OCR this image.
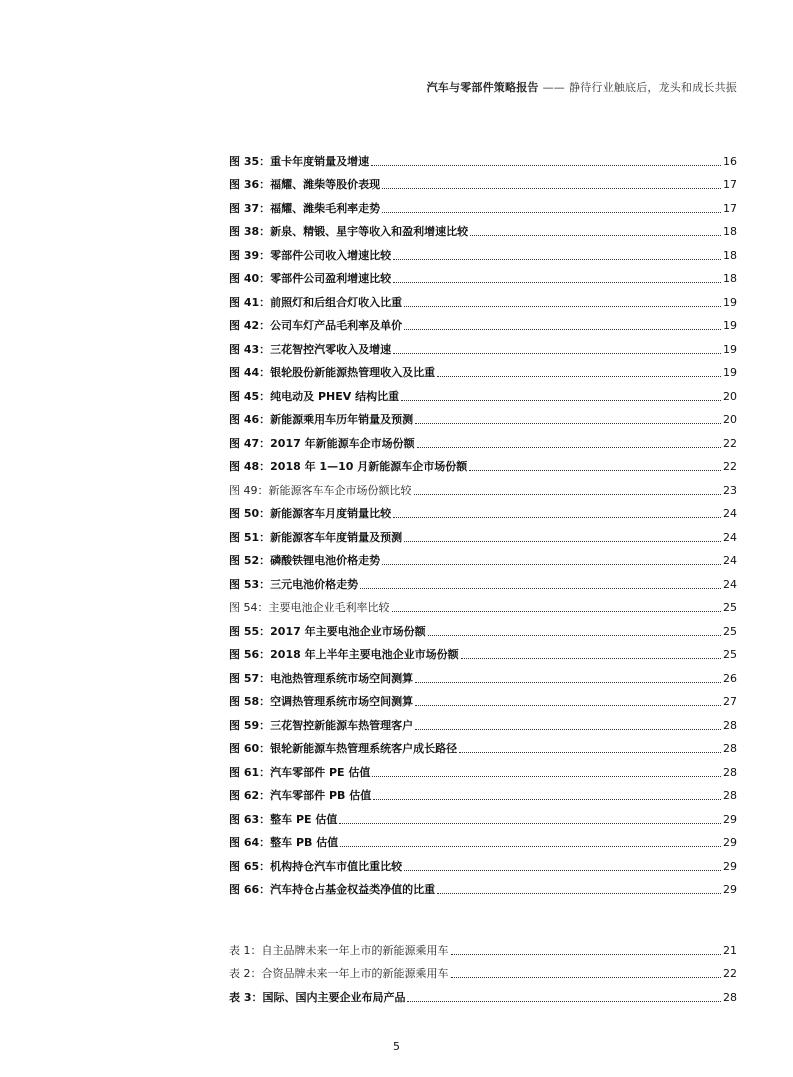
汽车与零部件策略报告 —— 静待行业触底后，龙头和成长共振
图 35：重卡年度销量及增速	16
图 36：福耀、潍柴等股价表现	17
图 37：福耀、潍柴毛利率走势	17
图 38：新泉、精锻、星宇等收入和盈利增速比较	18
图 39：零部件公司收入增速比较	18
图 40：零部件公司盈利增速比较	18
图 41：前照灯和后组合灯收入比重	19
图 42：公司车灯产品毛利率及单价	19
图 43：三花智控汽零收入及增速	19
图 44：银轮股份新能源热管理收入及比重	19
图 45：纯电动及 PHEV 结构比重	20
图 46：新能源乘用车历年销量及预测	20
图 47：2017 年新能源车企市场份额	22
图 48：2018 年 1—10 月新能源车企市场份额	22
图 49：新能源客车车企市场份额比较	23
图 50：新能源客车月度销量比较	24
图 51：新能源客车年度销量及预测	24
图 52：磷酸铁锂电池价格走势	24
图 53：三元电池价格走势	24
图 54：主要电池企业毛利率比较	25
图 55：2017 年主要电池企业市场份额	25
图 56：2018 年上半年主要电池企业市场份额	25
图 57：电池热管理系统市场空间测算	26
图 58：空调热管理系统市场空间测算	27
图 59：三花智控新能源车热管理客户	28
图 60：银轮新能源车热管理系统客户成长路径	28
图 61：汽车零部件 PE 估值	28
图 62：汽车零部件 PB 估值	28
图 63：整车 PE 估值	29
图 64：整车 PB 估值	29
图 65：机构持仓汽车市值比重比较	29
图 66：汽车持仓占基金权益类净值的比重	29
表 1：自主品牌未来一年上市的新能源乘用车	21
表 2：合资品牌未来一年上市的新能源乘用车	22
表 3：国际、国内主要企业布局产品	28
5
